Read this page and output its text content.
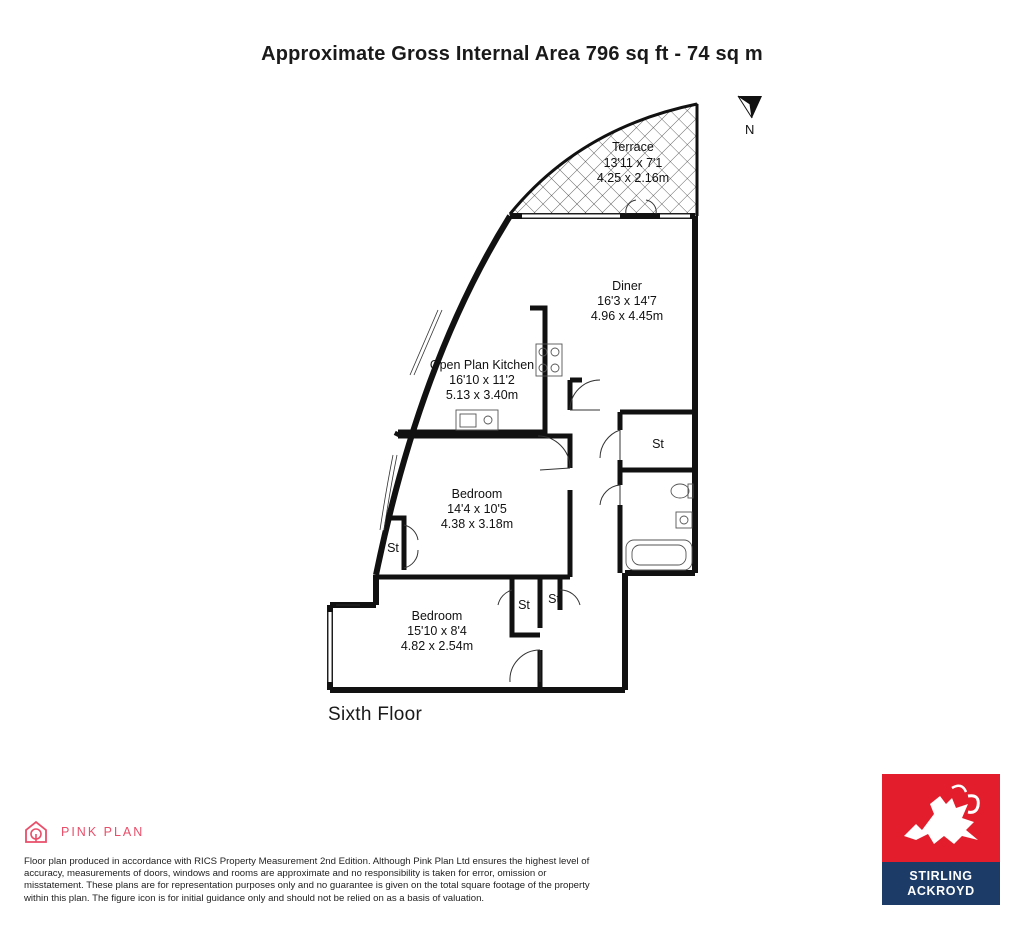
Approximate Gross Internal Area 796 sq ft - 74 sq m
N
Terrace
13'11 x 7'1
4.25 x 2.16m
Diner
16'3 x 14'7
4.96 x 4.45m
Open Plan Kitchen
16'10 x 11'2
5.13 x 3.40m
Bedroom
14'4 x 10'5
4.38 x 3.18m
Bedroom
15'10 x 8'4
4.82 x 2.54m
St
St
St St
Sixth Floor
PINK PLAN
Floor plan produced in accordance with RICS Property Measurement 2nd Edition. Although Pink Plan Ltd ensures the highest level of accuracy, measurements of doors, windows and rooms are approximate and no responsibility is taken for error, omission or misstatement. These plans are for representation purposes only and no guarantee is given on the total square footage of the property within this plan. The figure icon is for initial guidance only and should not be relied on as a basis of valuation.
STIRLING
ACKROYD
